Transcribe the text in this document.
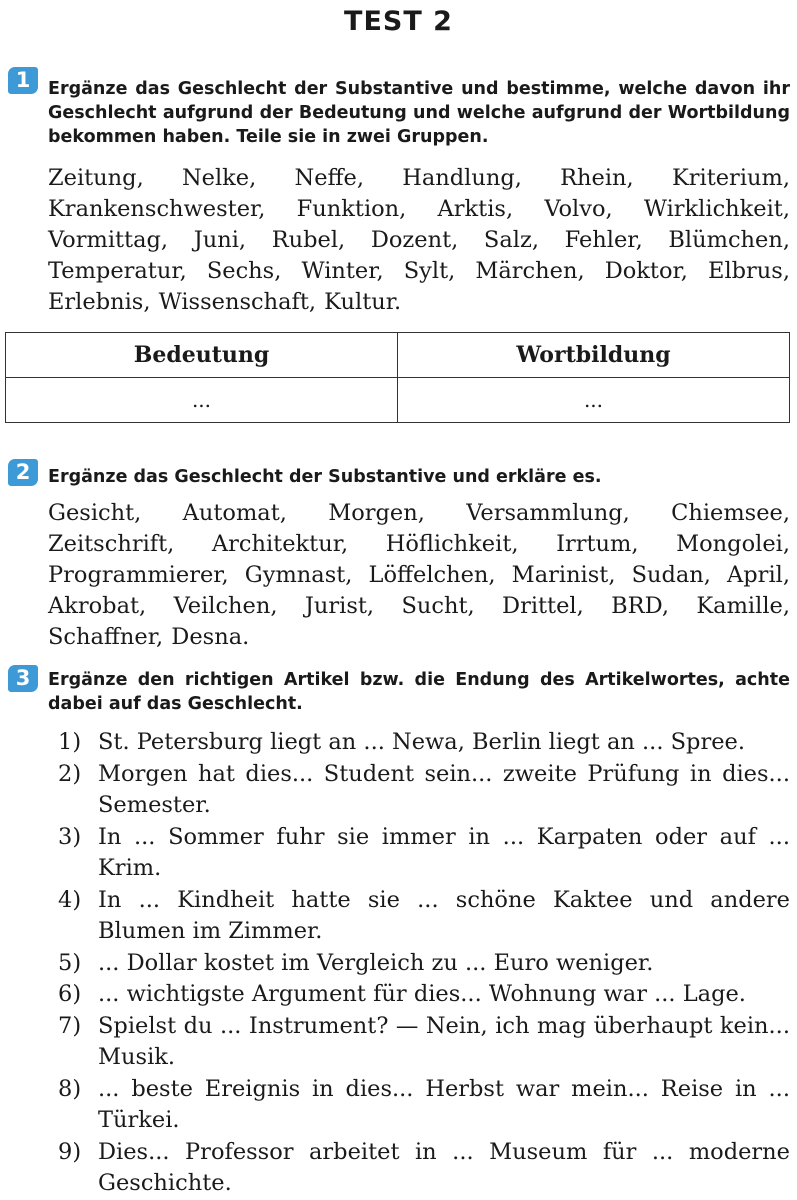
TEST 2
1	Ergänze das Geschlecht der Substantive und bestimme, welche davon ihr Geschlecht aufgrund der Bedeutung und welche aufgrund der Wortbildung bekommen haben. Teile sie in zwei Gruppen.
Zeitung, Nelke, Neffe, Handlung, Rhein, Kriterium, Krankenschwester, Funktion, Arktis, Volvo, Wirklichkeit, Vormittag, Juni, Rubel, Dozent, Salz, Fehler, Blümchen, Temperatur, Sechs, Winter, Sylt, Märchen, Doktor, Elbrus, Erlebnis, Wissenschaft, Kultur.
Bedeutung	Wortbildung
...	...
2	Ergänze das Geschlecht der Substantive und erkläre es.
Gesicht, Automat, Morgen, Versammlung, Chiemsee, Zeitschrift, Architektur, Höflichkeit, Irrtum, Mongolei, Programmierer, Gymnast, Löffelchen, Marinist, Sudan, April, Akrobat, Veilchen, Jurist, Sucht, Drittel, BRD, Kamille, Schaffner, Desna.
3	Ergänze den richtigen Artikel bzw. die Endung des Artikelwortes, achte dabei auf das Geschlecht.
1) St. Petersburg liegt an ... Newa, Berlin liegt an ... Spree.
2) Morgen hat dies... Student sein... zweite Prüfung in dies... Semester.
3) In ... Sommer fuhr sie immer in ... Karpaten oder auf ... Krim.
4) In ... Kindheit hatte sie ... schöne Kaktee und andere Blumen im Zimmer.
5) ... Dollar kostet im Vergleich zu ... Euro weniger.
6) ... wichtigste Argument für dies... Wohnung war ... Lage.
7) Spielst du ... Instrument? — Nein, ich mag überhaupt kein... Musik.
8) ... beste Ereignis in dies... Herbst war mein... Reise in ... Türkei.
9) Dies... Professor arbeitet in ... Museum für ... moderne Geschichte.
